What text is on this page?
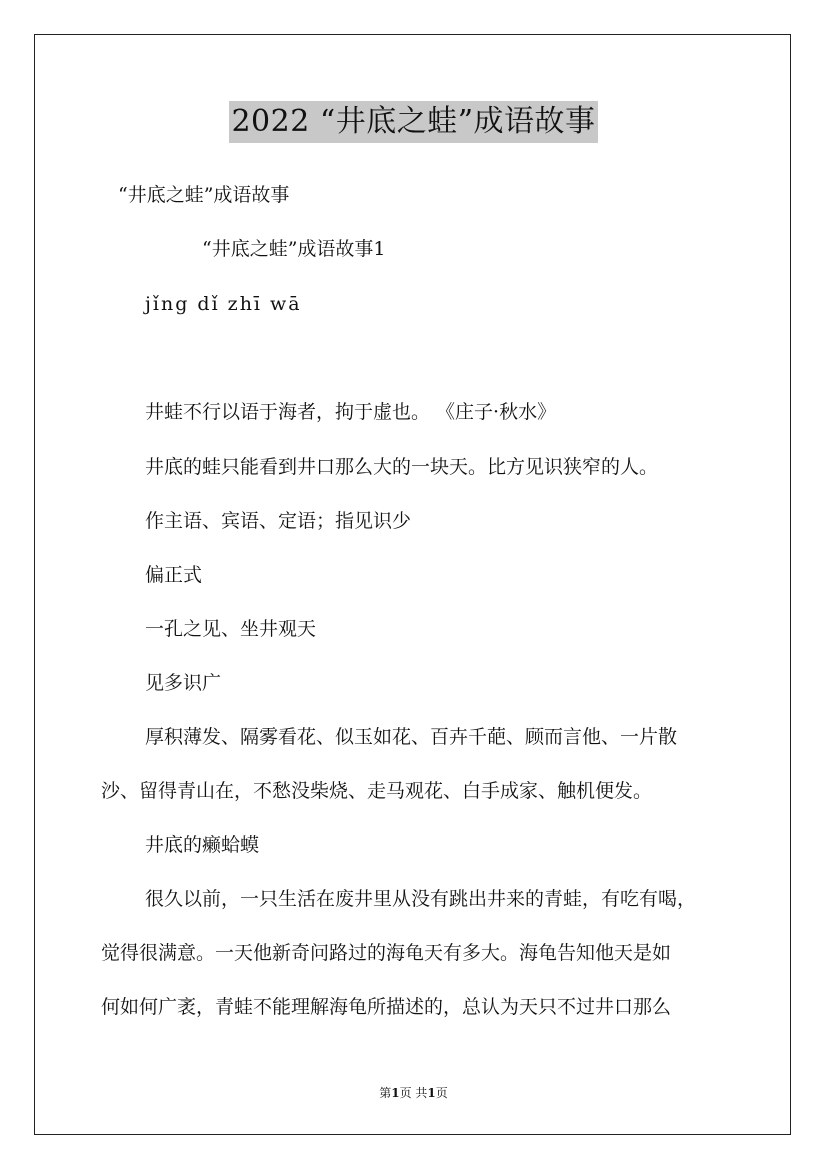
2022 “井底之蛙”成语故事
“井底之蛙”成语故事
“井底之蛙”成语故事1
jǐng dǐ zhī wā
井蛙不行以语于海者，拘于虚也。 《庄子·秋水》
井底的蛙只能看到井口那么大的一块天。比方见识狭窄的人。
作主语、宾语、定语；指见识少
偏正式
一孔之见、坐井观天
见多识广
厚积薄发、隔雾看花、似玉如花、百卉千葩、顾而言他、一片散
沙、留得青山在，不愁没柴烧、走马观花、白手成家、触机便发。
井底的癞蛤蟆
很久以前，一只生活在废井里从没有跳出井来的青蛙，有吃有喝，
觉得很满意。一天他新奇问路过的海龟天有多大。海龟告知他天是如
何如何广袤，青蛙不能理解海龟所描述的，总认为天只不过井口那么
第1页 共1页
